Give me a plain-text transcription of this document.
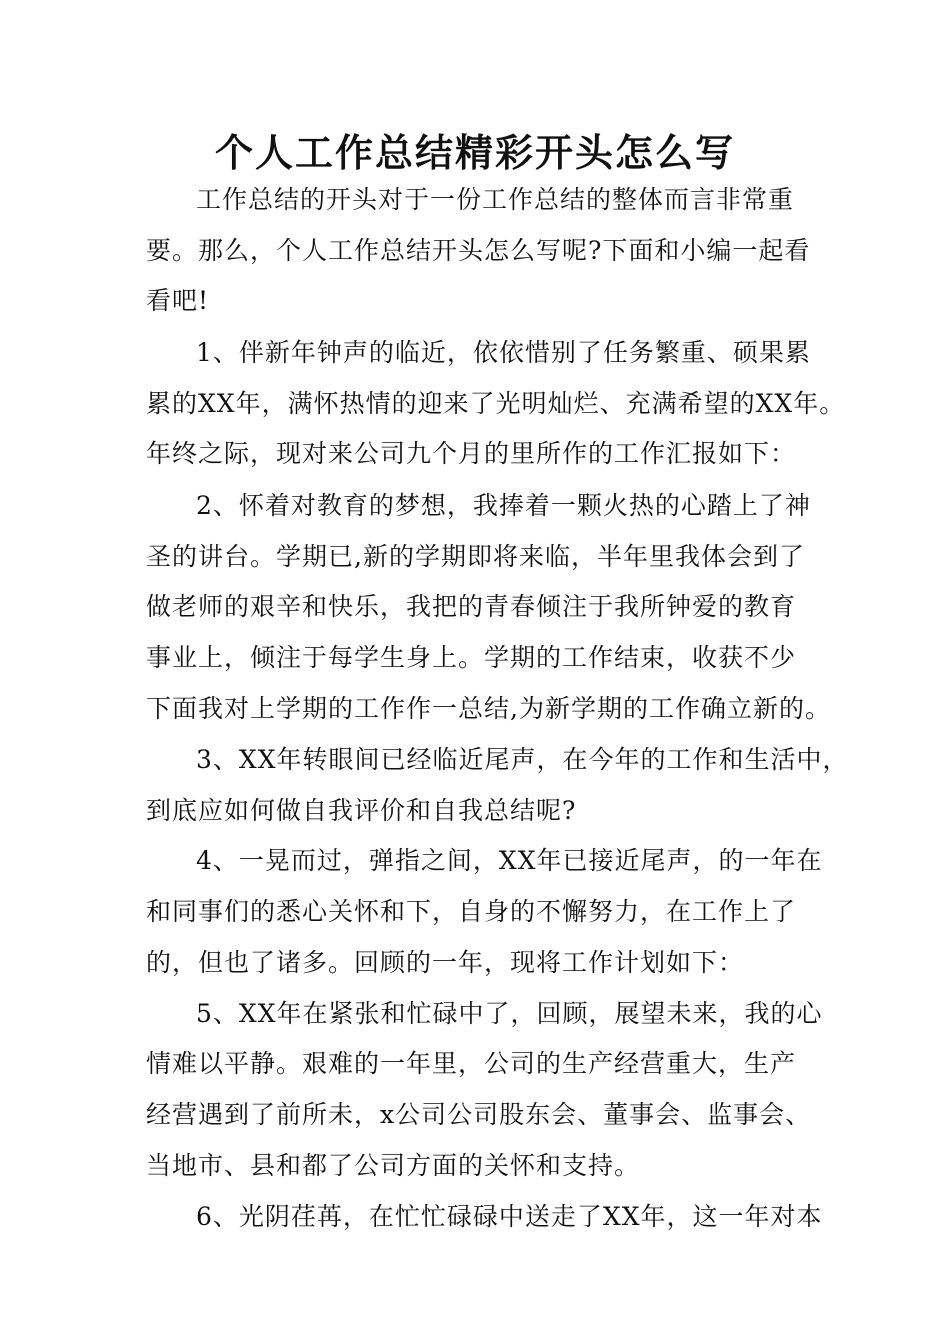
个人工作总结精彩开头怎么写
工作总结的开头对于一份工作总结的整体而言非常重
要。那么，个人工作总结开头怎么写呢?下面和小编一起看
看吧!
1、伴新年钟声的临近，依依惜别了任务繁重、硕果累
累的XX年，满怀热情的迎来了光明灿烂、充满希望的XX年。
年终之际，现对来公司九个月的里所作的工作汇报如下：
2、怀着对教育的梦想，我捧着一颗火热的心踏上了神
圣的讲台。学期已,新的学期即将来临，半年里我体会到了
做老师的艰辛和快乐，我把的青春倾注于我所钟爱的教育
事业上，倾注于每学生身上。学期的工作结束，收获不少
下面我对上学期的工作作一总结,为新学期的工作确立新的。
3、XX年转眼间已经临近尾声，在今年的工作和生活中，
到底应如何做自我评价和自我总结呢?
4、一晃而过，弹指之间，XX年已接近尾声，的一年在
和同事们的悉心关怀和下，自身的不懈努力，在工作上了
的，但也了诸多。回顾的一年，现将工作计划如下：
5、XX年在紧张和忙碌中了，回顾，展望未来，我的心
情难以平静。艰难的一年里，公司的生产经营重大，生产
经营遇到了前所未，x公司公司股东会、董事会、监事会、
当地市、县和都了公司方面的关怀和支持。
6、光阴荏苒，在忙忙碌碌中送走了XX年，这一年对本
